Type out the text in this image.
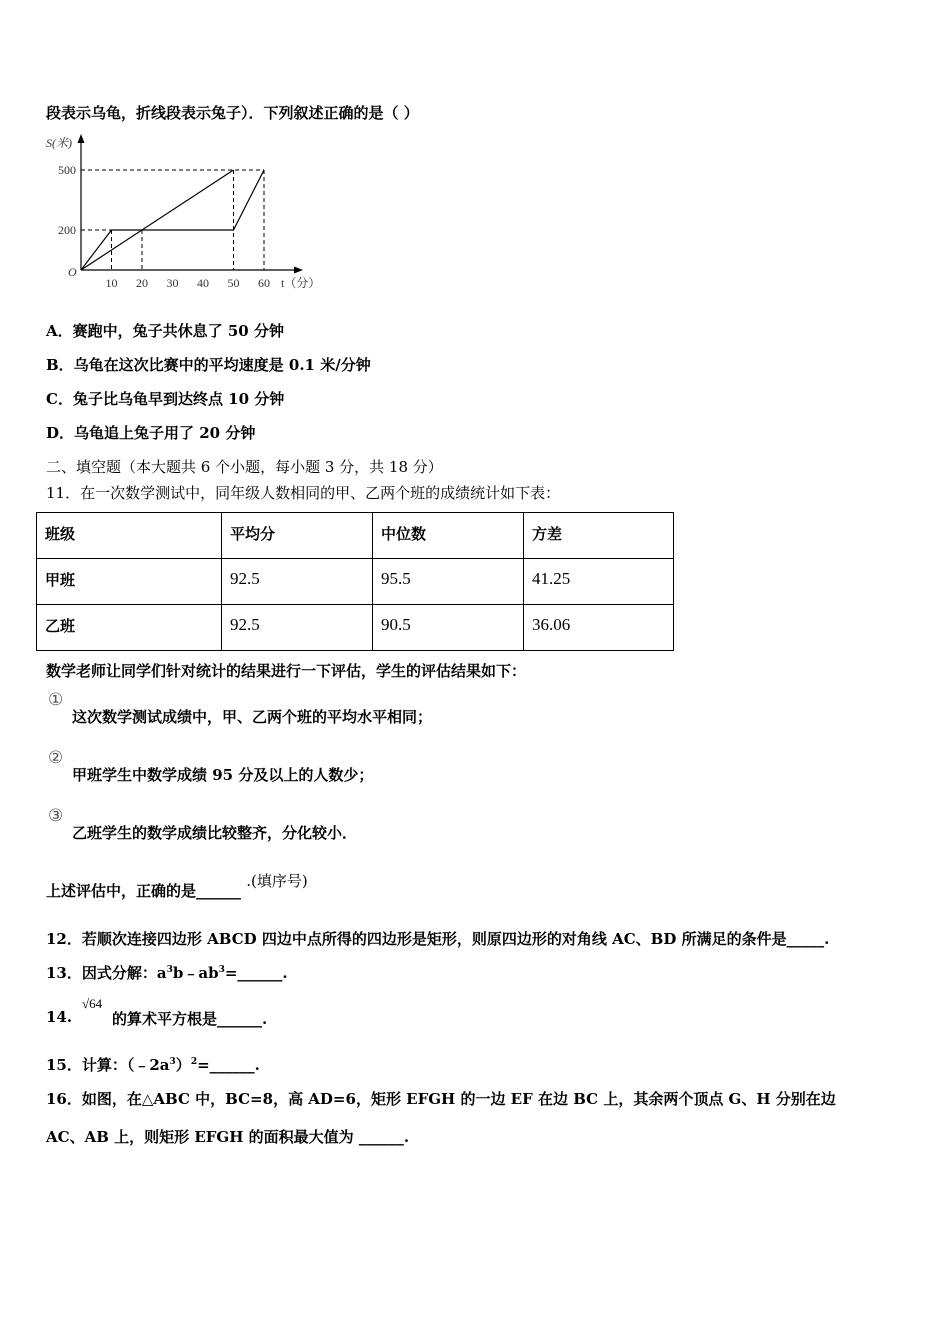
段表示乌龟，折线段表示兔子）．下列叙述正确的是（ ）
S(米)
t（分）
O
10 20 30 40 50 60
200
500
A．赛跑中，兔子共休息了 50 分钟
B．乌龟在这次比赛中的平均速度是 0.1 米/分钟
C．兔子比乌龟早到达终点 10 分钟
D．乌龟追上兔子用了 20 分钟
二、填空题（本大题共 6 个小题，每小题 3 分，共 18 分）
11．在一次数学测试中，同年级人数相同的甲、乙两个班的成绩统计如下表：
班级	平均分	中位数	方差
甲班	92.5	95.5	41.25
乙班	92.5	90.5	36.06
数学老师让同学们针对统计的结果进行一下评估，学生的评估结果如下：
①
这次数学测试成绩中，甲、乙两个班的平均水平相同；
②
甲班学生中数学成绩 95 分及以上的人数少；
③
乙班学生的数学成绩比较整齐，分化较小．
上述评估中，正确的是______ .(填序号)
12．若顺次连接四边形 ABCD 四边中点所得的四边形是矩形，则原四边形的对角线 AC、BD 所满足的条件是_____.
13．因式分解：$a^3b﹣ab^3=\_\_\_\_\_\_$.
√64
14.	的算术平方根是______.
15．计算：$(﹣2a^3)^2=\_\_\_\_\_\_$.
16．如图，在△ABC 中，BC=8，高 AD=6，矩形 EFGH 的一边 EF 在边 BC 上，其余两个顶点 G、H 分别在边
AC、AB 上，则矩形 EFGH 的面积最大值为 ______.
